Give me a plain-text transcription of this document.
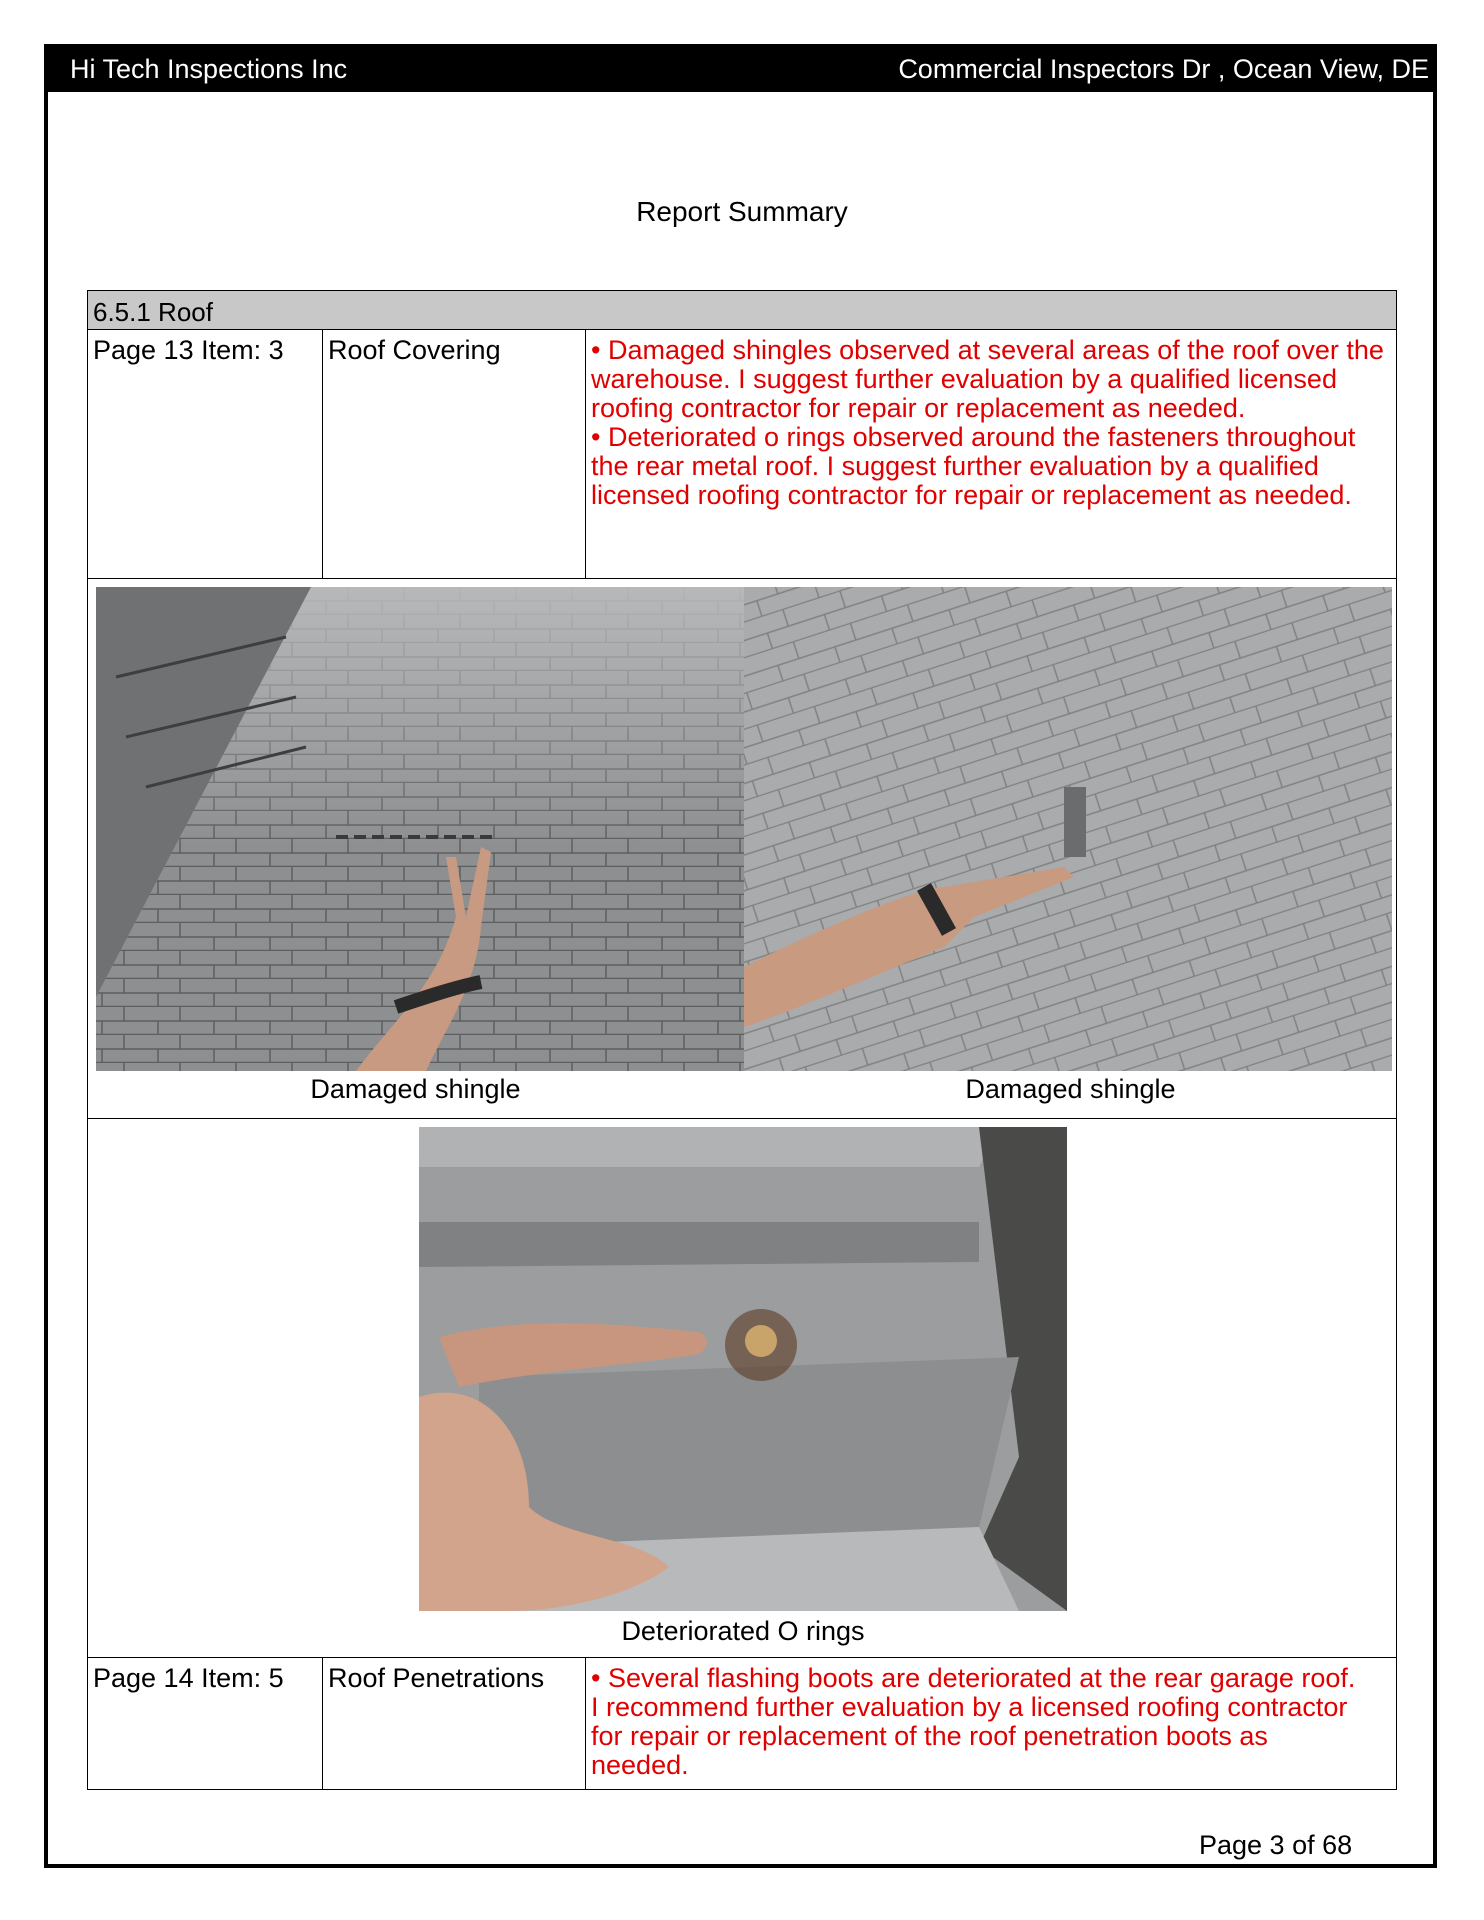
Hi Tech Inspections Inc	Commercial Inspectors Dr , Ocean View, DE
Report Summary
6.5.1 Roof
Page 13 Item: 3	Roof Covering	• Damaged shingles observed at several areas of the roof over the warehouse. I suggest further evaluation by a qualified licensed roofing contractor for repair or replacement as needed.
• Deteriorated o rings observed around the fasteners throughout the rear metal roof. I suggest further evaluation by a qualified licensed roofing contractor for repair or replacement as needed.
Damaged shingle	Damaged shingle
Deteriorated O rings
Page 14 Item: 5	Roof Penetrations	• Several flashing boots are deteriorated at the rear garage roof. I recommend further evaluation by a licensed roofing contractor for repair or replacement of the roof penetration boots as needed.
Page 3 of 68
